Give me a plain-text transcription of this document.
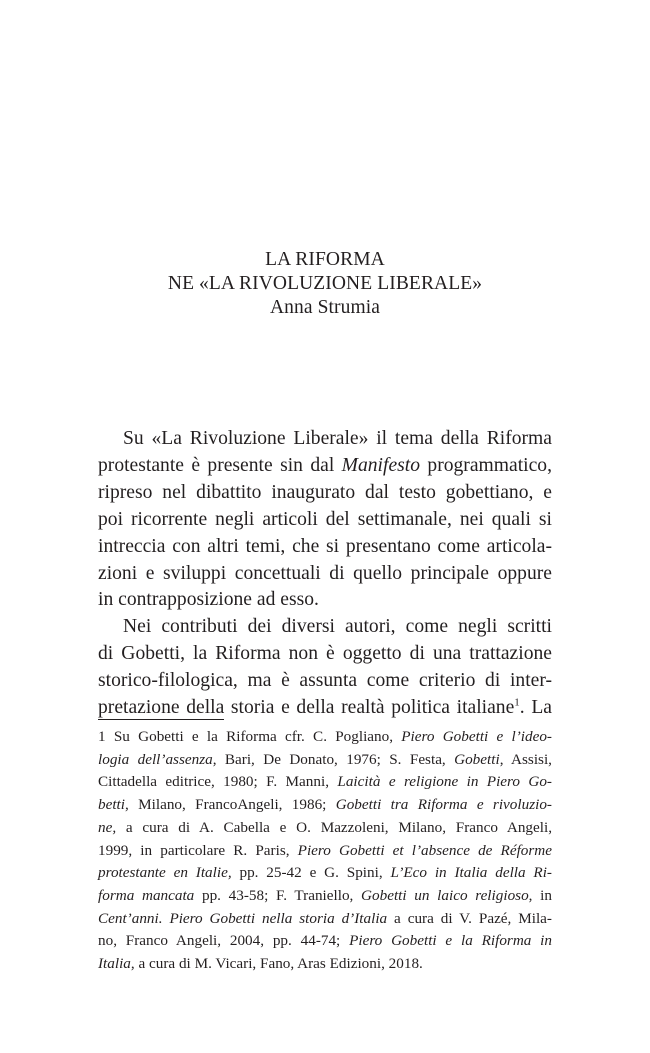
LA RIFORMA
NE «LA RIVOLUZIONE LIBERALE»
Anna Strumia
Su «La Rivoluzione Liberale» il tema della Riforma
protestante è presente sin dal Manifesto programmatico,
ripreso nel dibattito inaugurato dal testo gobettiano, e
poi ricorrente negli articoli del settimanale, nei quali si
intreccia con altri temi, che si presentano come articola-
zioni e sviluppi concettuali di quello principale oppure
in contrapposizione ad esso.
Nei contributi dei diversi autori, come negli scritti
di Gobetti, la Riforma non è oggetto di una trattazione
storico-filologica, ma è assunta come criterio di inter-
pretazione della storia e della realtà politica italiane$^1$. La
1 Su Gobetti e la Riforma cfr. C. Pogliano, Piero Gobetti e l’ideo-
logia dell’assenza, Bari, De Donato, 1976; S. Festa, Gobetti, Assisi,
Cittadella editrice, 1980; F. Manni, Laicità e religione in Piero Go-
betti, Milano, FrancoAngeli, 1986; Gobetti tra Riforma e rivoluzio-
ne, a cura di A. Cabella e O. Mazzoleni, Milano, Franco Angeli,
1999, in particolare R. Paris, Piero Gobetti et l’absence de Réforme
protestante en Italie, pp. 25-42 e G. Spini, L’Eco in Italia della Ri-
forma mancata pp. 43-58; F. Traniello, Gobetti un laico religioso, in
Cent’anni. Piero Gobetti nella storia d’Italia a cura di V. Pazé, Mila-
no, Franco Angeli, 2004, pp. 44-74; Piero Gobetti e la Riforma in
Italia, a cura di M. Vicari, Fano, Aras Edizioni, 2018.
